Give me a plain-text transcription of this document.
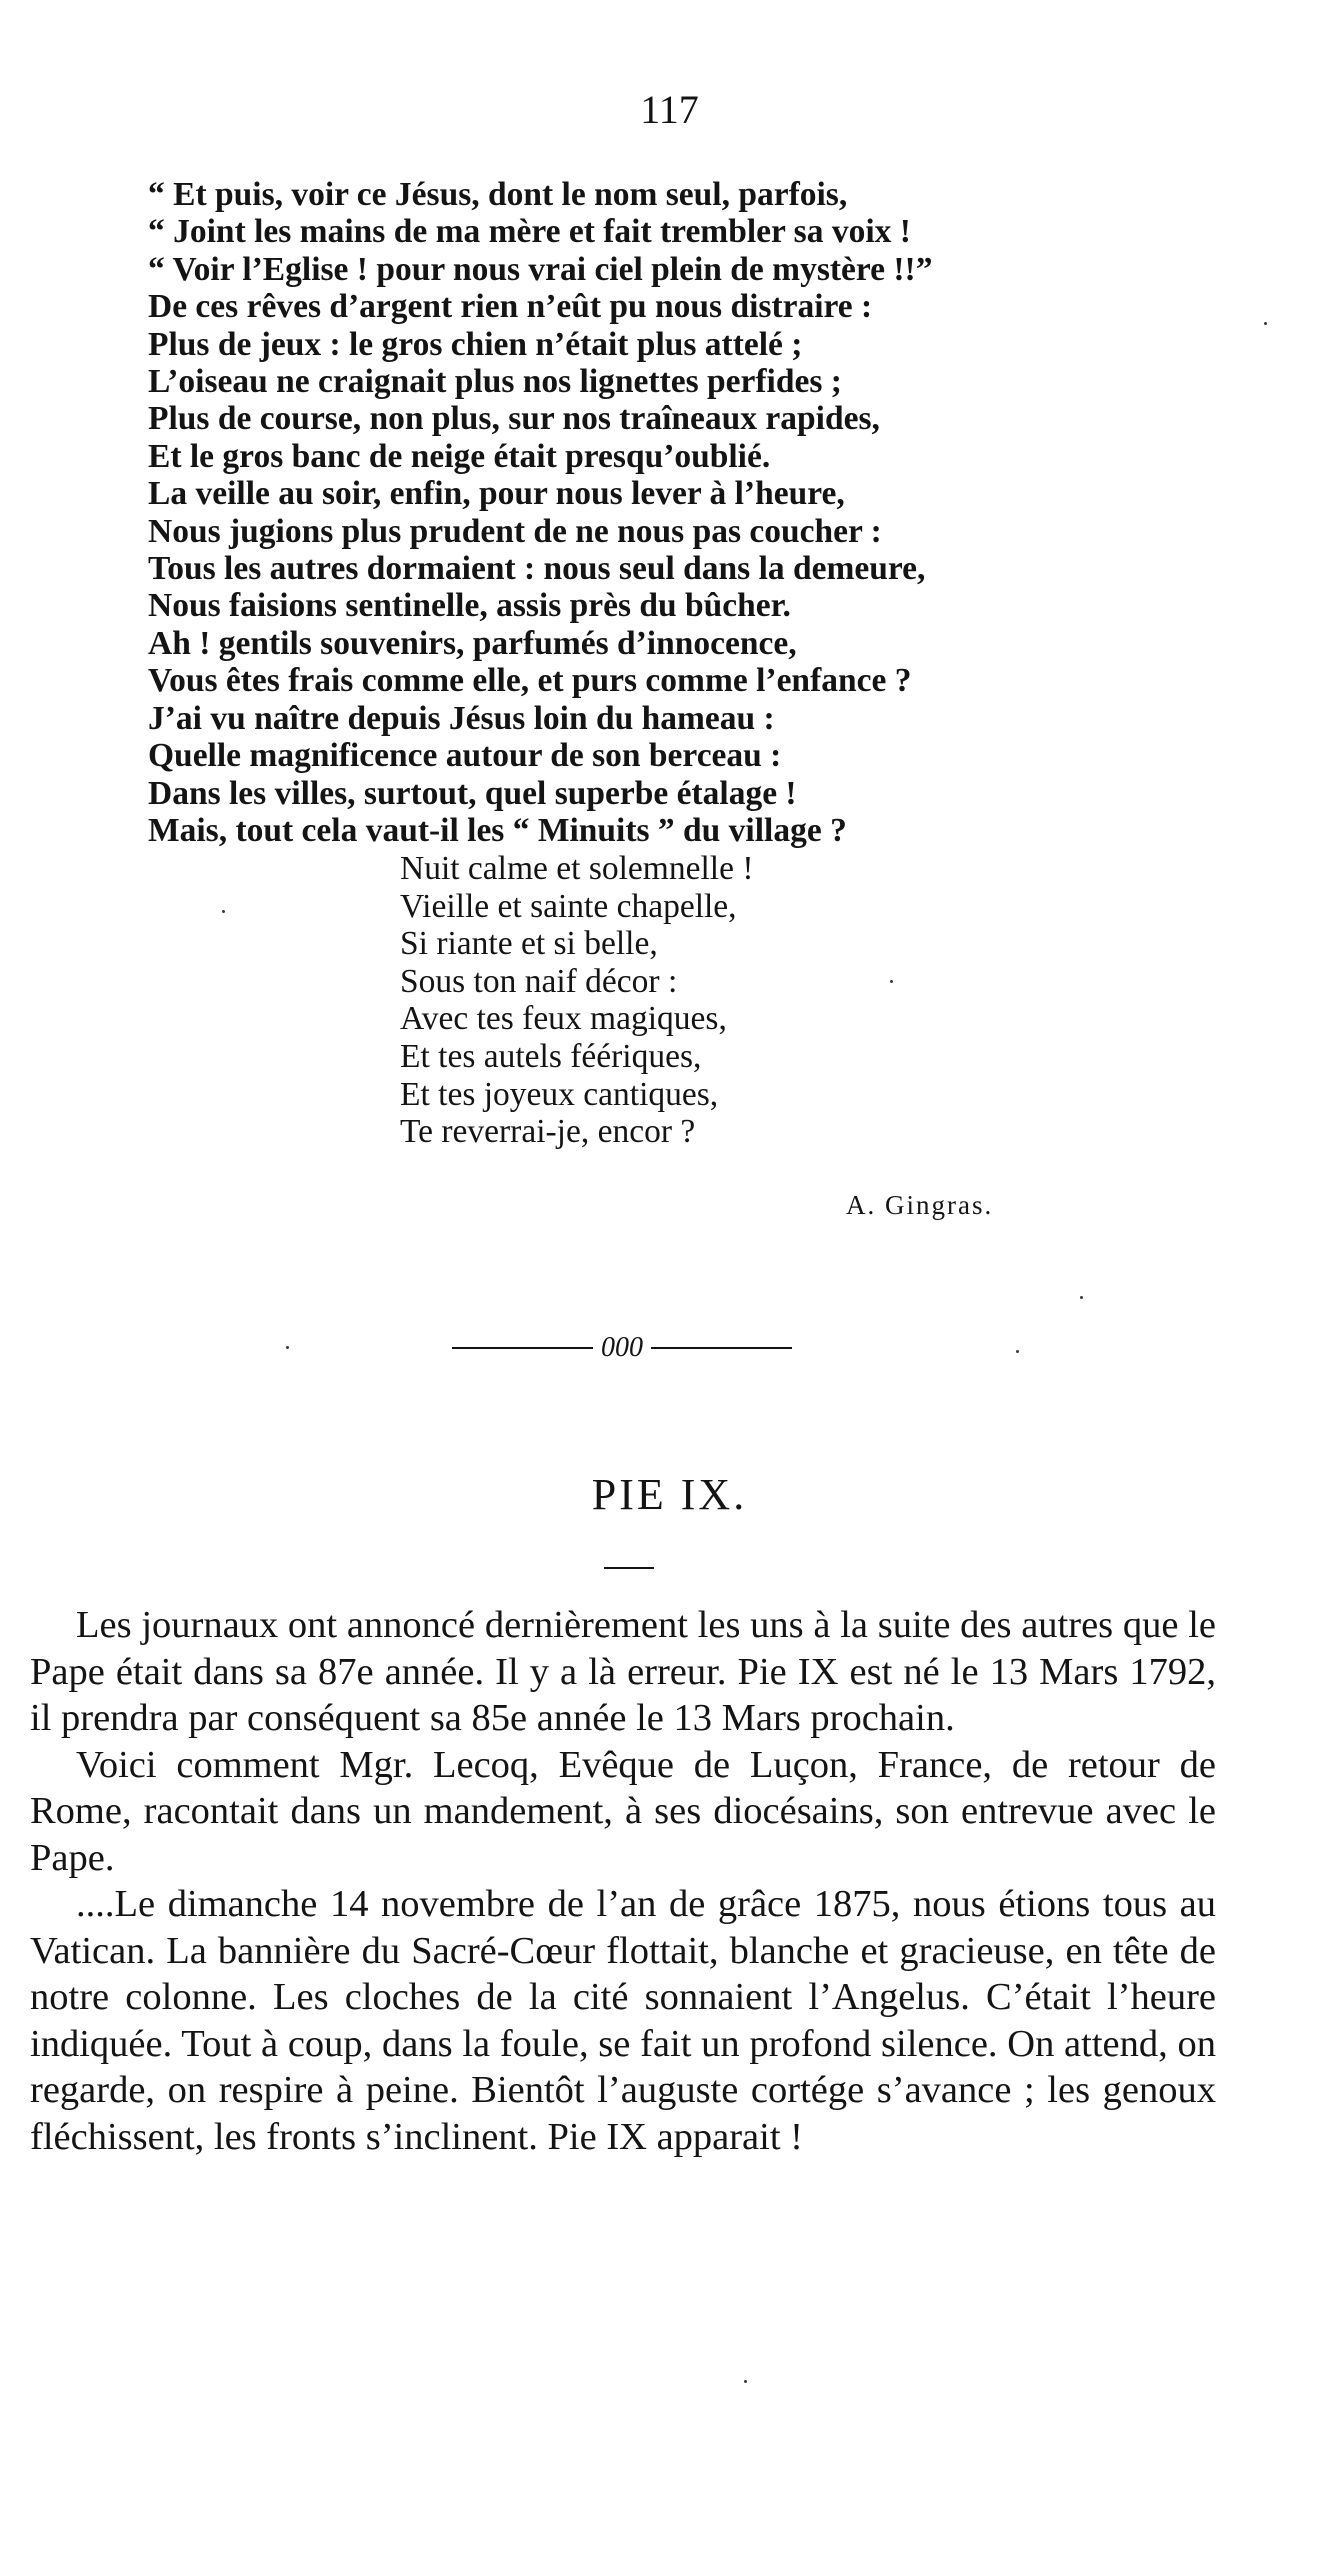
117
“ Et puis, voir ce Jésus, dont le nom seul, parfois,
“ Joint les mains de ma mère et fait trembler sa voix !
“ Voir l’Eglise ! pour nous vrai ciel plein de mystère !!”
De ces rêves d’argent rien n’eût pu nous distraire :
Plus de jeux : le gros chien n’était plus attelé ;
L’oiseau ne craignait plus nos lignettes perfides ;
Plus de course, non plus, sur nos traîneaux rapides,
Et le gros banc de neige était presqu’oublié.
La veille au soir, enfin, pour nous lever à l’heure,
Nous jugions plus prudent de ne nous pas coucher :
Tous les autres dormaient : nous seul dans la demeure,
Nous faisions sentinelle, assis près du bûcher.
Ah ! gentils souvenirs, parfumés d’innocence,
Vous êtes frais comme elle, et purs comme l’enfance ?
J’ai vu naître depuis Jésus loin du hameau :
Quelle magnificence autour de son berceau :
Dans les villes, surtout, quel superbe étalage !
Mais, tout cela vaut-il les “ Minuits ” du village ?
Nuit calme et solemnelle !
Vieille et sainte chapelle,
Si riante et si belle,
Sous ton naif décor :
Avec tes feux magiques,
Et tes autels féériques,
Et tes joyeux cantiques,
Te reverrai-je, encor ?
A. Gingras.
000
PIE IX.

Les journaux ont annoncé dernièrement les uns à la suite des autres que le Pape était dans sa 87e année. Il y a là erreur. Pie IX est né le 13 Mars 1792, il prendra par conséquent sa 85e année le 13 Mars prochain.

Voici comment Mgr. Lecoq, Evêque de Luçon, France, de retour de Rome, racontait dans un mandement, à ses diocésains, son entrevue avec le Pape.

....Le dimanche 14 novembre de l’an de grâce 1875, nous étions tous au Vatican. La bannière du Sacré-Cœur flottait, blanche et gracieuse, en tête de notre colonne. Les cloches de la cité sonnaient l’Angelus. C’était l’heure indiquée. Tout à coup, dans la foule, se fait un profond silence. On attend, on regarde, on respire à peine. Bientôt l’auguste cortége s’avance ; les genoux fléchissent, les fronts s’inclinent. Pie IX apparait !
